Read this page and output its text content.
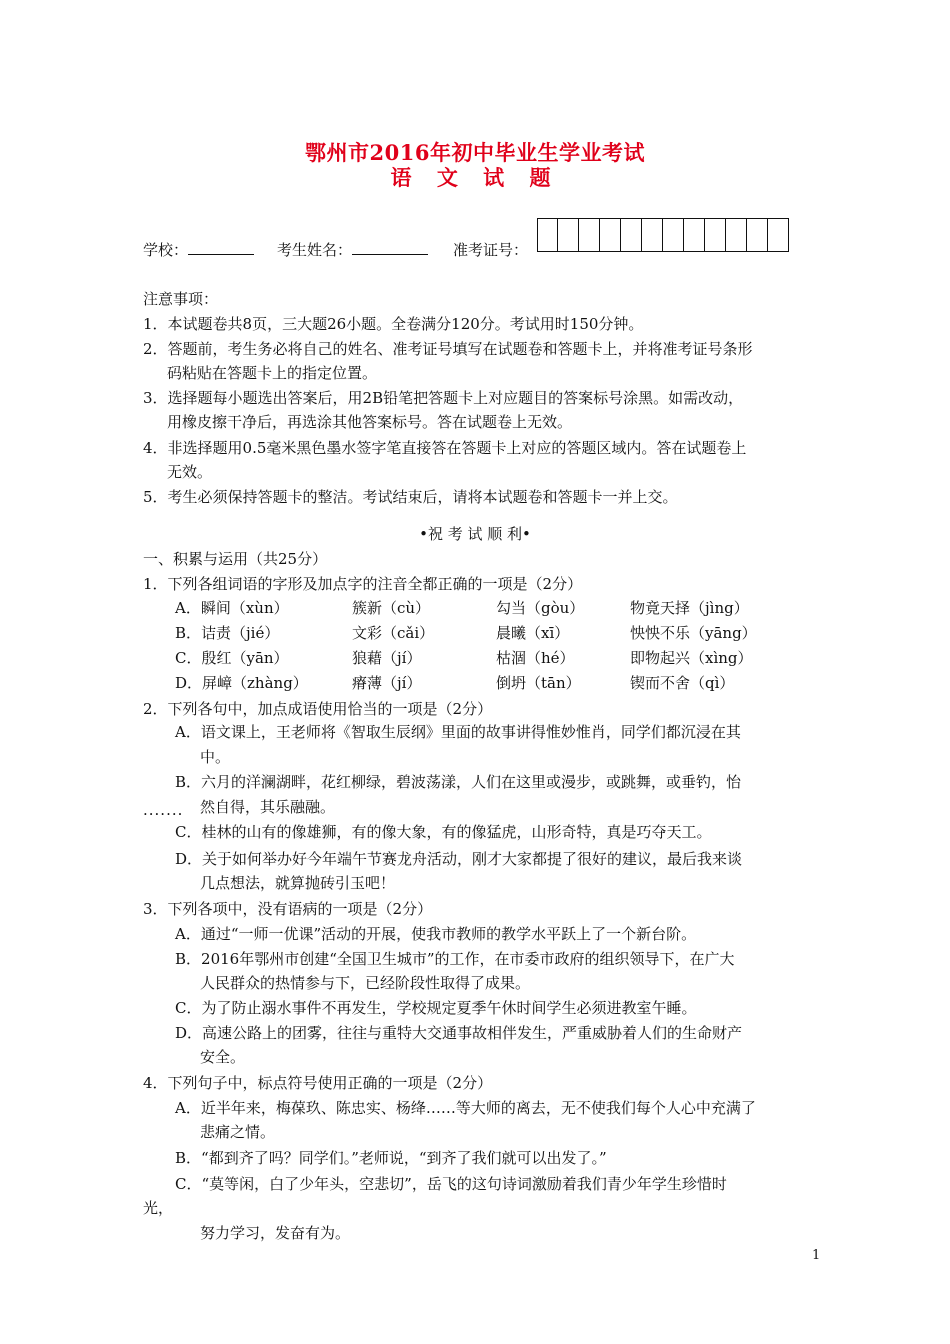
鄂州市2016年初中毕业生学业考试
语 文 试 题
学校：	考生姓名：	准考证号：
注意事项：
1．本试题卷共8页，三大题26小题。全卷满分120分。考试用时150分钟。
2．答题前，考生务必将自己的姓名、准考证号填写在试题卷和答题卡上，并将准考证号条形
码粘贴在答题卡上的指定位置。
3．选择题每小题选出答案后，用2B铅笔把答题卡上对应题目的答案标号涂黑。如需改动，
用橡皮擦干净后，再选涂其他答案标号。答在试题卷上无效。
4．非选择题用0.5毫米黑色墨水签字笔直接答在答题卡上对应的答题区域内。答在试题卷上
无效。
5．考生必须保持答题卡的整洁。考试结束后，请将本试题卷和答题卡一并上交。
•祝 考 试 顺 利•
一、积累与运用（共25分）
1．下列各组词语的字形及加点字的注音全都正确的一项是（2分）
A．瞬间（xùn）	簇新（cù）	勾当（gòu）	物竟天择（jìng）
B．诘责（jié）	文彩（cǎi）	晨曦（xī）	怏怏不乐（yāng）
C．殷红（yān）	狼藉（jí）	枯涸（hé）	即物起兴（xìng）
D．屏嶂（zhàng）	瘠薄（jí）	倒坍（tān）	锲而不舍（qì）
2．下列各句中，加点成语使用恰当的一项是（2分）
A．语文课上，王老师将《智取生辰纲》里面的故事讲得惟妙惟肖，同学们都沉浸在其
中。
B．六月的洋澜湖畔，花红柳绿，碧波荡漾，人们在这里或漫步，或跳舞，或垂钓，怡
然自得，其乐融融。
·······
C．桂林的山有的像雄狮，有的像大象，有的像猛虎，山形奇特，真是巧夺天工。
D．关于如何举办好今年端午节赛龙舟活动，刚才大家都提了很好的建议，最后我来谈
几点想法，就算抛砖引玉吧！
3．下列各项中，没有语病的一项是（2分）
A．通过“一师一优课”活动的开展，使我市教师的教学水平跃上了一个新台阶。
B．2016年鄂州市创建“全国卫生城市”的工作，在市委市政府的组织领导下，在广大
人民群众的热情参与下，已经阶段性取得了成果。
C．为了防止溺水事件不再发生，学校规定夏季午休时间学生必须进教室午睡。
D．高速公路上的团雾，往往与重特大交通事故相伴发生，严重威胁着人们的生命财产
安全。
4．下列句子中，标点符号使用正确的一项是（2分）
A．近半年来，梅葆玖、陈忠实、杨绛……等大师的离去，无不使我们每个人心中充满了
悲痛之情。
B．“都到齐了吗？同学们。”老师说，“到齐了我们就可以出发了。”
C．“莫等闲，白了少年头，空悲切”，岳飞的这句诗词激励着我们青少年学生珍惜时
光，
努力学习，发奋有为。
1
